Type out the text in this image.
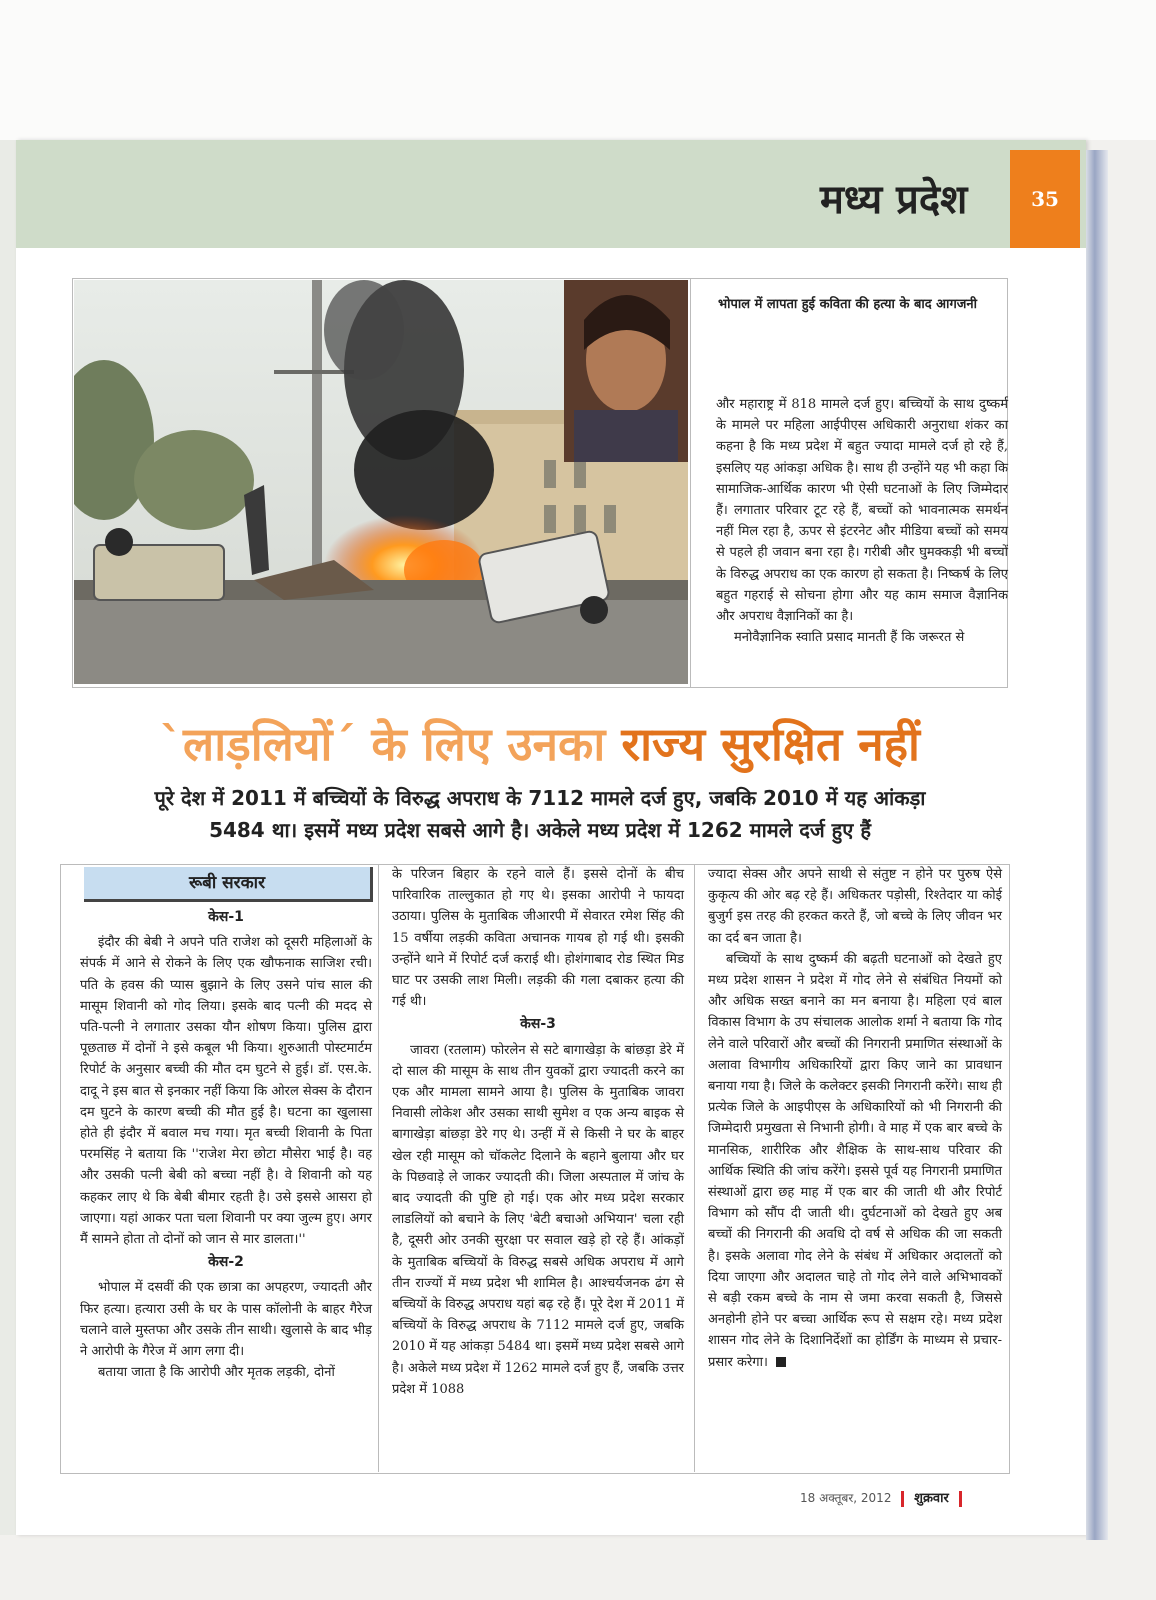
मध्य प्रदेश	35
भोपाल में लापता हुई कविता की हत्या के बाद आगजनी
और महाराष्ट्र में 818 मामले दर्ज हुए। बच्चियों के साथ दुष्कर्म के मामले पर महिला आईपीएस अधिकारी अनुराधा शंकर का कहना है कि मध्य प्रदेश में बहुत ज्यादा मामले दर्ज हो रहे हैं, इसलिए यह आंकड़ा अधिक है। साथ ही उन्होंने यह भी कहा कि सामाजिक-आर्थिक कारण भी ऐसी घटनाओं के लिए जिम्मेदार हैं। लगातार परिवार टूट रहे हैं, बच्चों को भावनात्मक समर्थन नहीं मिल रहा है, ऊपर से इंटरनेट और मीडिया बच्चों को समय से पहले ही जवान बना रहा है। गरीबी और घुमक्कड़ी भी बच्चों के विरुद्ध अपराध का एक कारण हो सकता है। निष्कर्ष के लिए बहुत गहराई से सोचना होगा और यह काम समाज वैज्ञानिक और अपराध वैज्ञानिकों का है।
मनोवैज्ञानिक स्वाति प्रसाद मानती हैं कि जरूरत से
`लाड़लियों´ के लिए उनका राज्य सुरक्षित नहीं
पूरे देश में 2011 में बच्चियों के विरुद्ध अपराध के 7112 मामले दर्ज हुए, जबकि 2010 में यह आंकड़ा
5484 था। इसमें मध्य प्रदेश सबसे आगे है। अकेले मध्य प्रदेश में 1262 मामले दर्ज हुए हैं
रूबी सरकार
केस-1

इंदौर की बेबी ने अपने पति राजेश को दूसरी महिलाओं के संपर्क में आने से रोकने के लिए एक खौफनाक साजिश रची। पति के हवस की प्यास बुझाने के लिए उसने पांच साल की मासूम शिवानी को गोद लिया। इसके बाद पत्नी की मदद से पति-पत्नी ने लगातार उसका यौन शोषण किया। पुलिस द्वारा पूछताछ में दोनों ने इसे कबूल भी किया। शुरुआती पोस्टमार्टम रिपोर्ट के अनुसार बच्ची की मौत दम घुटने से हुई। डॉ. एस.के. दादू ने इस बात से इनकार नहीं किया कि ओरल सेक्स के दौरान दम घुटने के कारण बच्ची की मौत हुई है। घटना का खुलासा होते ही इंदौर में बवाल मच गया। मृत बच्ची शिवानी के पिता परमसिंह ने बताया कि ''राजेश मेरा छोटा मौसेरा भाई है। वह और उसकी पत्नी बेबी को बच्चा नहीं है। वे शिवानी को यह कहकर लाए थे कि बेबी बीमार रहती है। उसे इससे आसरा हो जाएगा। यहां आकर पता चला शिवानी पर क्या जुल्म हुए। अगर मैं सामने होता तो दोनों को जान से मार डालता।''

केस-2

भोपाल में दसवीं की एक छात्रा का अपहरण, ज्यादती और फिर हत्या। हत्यारा उसी के घर के पास कॉलोनी के बाहर गैरेज चलाने वाले मुस्तफा और उसके तीन साथी। खुलासे के बाद भीड़ ने आरोपी के गैरेज में आग लगा दी।

बताया जाता है कि आरोपी और मृतक लड़की, दोनों

के परिजन बिहार के रहने वाले हैं। इससे दोनों के बीच पारिवारिक ताल्लुकात हो गए थे। इसका आरोपी ने फायदा उठाया। पुलिस के मुताबिक जीआरपी में सेवारत रमेश सिंह की 15 वर्षीया लड़की कविता अचानक गायब हो गई थी। इसकी उन्होंने थाने में रिपोर्ट दर्ज कराई थी। होशंगाबाद रोड स्थित मिड घाट पर उसकी लाश मिली। लड़की की गला दबाकर हत्या की गई थी।

केस-3

जावरा (रतलाम) फोरलेन से सटे बागाखेड़ा के बांछड़ा डेरे में दो साल की मासूम के साथ तीन युवकों द्वारा ज्यादती करने का एक और मामला सामने आया है। पुलिस के मुताबिक जावरा निवासी लोकेश और उसका साथी सुमेश व एक अन्य बाइक से बागाखेड़ा बांछड़ा डेरे गए थे। उन्हीं में से किसी ने घर के बाहर खेल रही मासूम को चॉकलेट दिलाने के बहाने बुलाया और घर के पिछवाड़े ले जाकर ज्यादती की। जिला अस्पताल में जांच के बाद ज्यादती की पुष्टि हो गई। एक ओर मध्य प्रदेश सरकार लाडलियों को बचाने के लिए 'बेटी बचाओ अभियान' चला रही है, दूसरी ओर उनकी सुरक्षा पर सवाल खड़े हो रहे हैं। आंकड़ों के मुताबिक बच्चियों के विरुद्ध सबसे अधिक अपराध में आगे तीन राज्यों में मध्य प्रदेश भी शामिल है। आश्चर्यजनक ढंग से बच्चियों के विरुद्ध अपराध यहां बढ़ रहे हैं। पूरे देश में 2011 में बच्चियों के विरुद्ध अपराध के 7112 मामले दर्ज हुए, जबकि 2010 में यह आंकड़ा 5484 था। इसमें मध्य प्रदेश सबसे आगे है। अकेले मध्य प्रदेश में 1262 मामले दर्ज हुए हैं, जबकि उत्तर प्रदेश में 1088

ज्यादा सेक्स और अपने साथी से संतुष्ट न होने पर पुरुष ऐसे कुकृत्य की ओर बढ़ रहे हैं। अधिकतर पड़ोसी, रिश्तेदार या कोई बुजुर्ग इस तरह की हरकत करते हैं, जो बच्चे के लिए जीवन भर का दर्द बन जाता है।

बच्चियों के साथ दुष्कर्म की बढ़ती घटनाओं को देखते हुए मध्य प्रदेश शासन ने प्रदेश में गोद लेने से संबंधित नियमों को और अधिक सख्त बनाने का मन बनाया है। महिला एवं बाल विकास विभाग के उप संचालक आलोक शर्मा ने बताया कि गोद लेने वाले परिवारों और बच्चों की निगरानी प्रमाणित संस्थाओं के अलावा विभागीय अधिकारियों द्वारा किए जाने का प्रावधान बनाया गया है। जिले के कलेक्टर इसकी निगरानी करेंगे। साथ ही प्रत्येक जिले के आइपीएस के अधिकारियों को भी निगरानी की जिम्मेदारी प्रमुखता से निभानी होगी। वे माह में एक बार बच्चे के मानसिक, शारीरिक और शैक्षिक के साथ-साथ परिवार की आर्थिक स्थिति की जांच करेंगे। इससे पूर्व यह निगरानी प्रमाणित संस्थाओं द्वारा छह माह में एक बार की जाती थी और रिपोर्ट विभाग को सौंप दी जाती थी। दुर्घटनाओं को देखते हुए अब बच्चों की निगरानी की अवधि दो वर्ष से अधिक की जा सकती है। इसके अलावा गोद लेने के संबंध में अधिकार अदालतों को दिया जाएगा और अदालत चाहे तो गोद लेने वाले अभिभावकों से बड़ी रकम बच्चे के नाम से जमा करवा सकती है, जिससे अनहोनी होने पर बच्चा आर्थिक रूप से सक्षम रहे। मध्य प्रदेश शासन गोद लेने के दिशानिर्देशों का होर्डिंग के माध्यम से प्रचार-प्रसार करेगा।

18 अक्तूबर, 2012 शुक्रवार
